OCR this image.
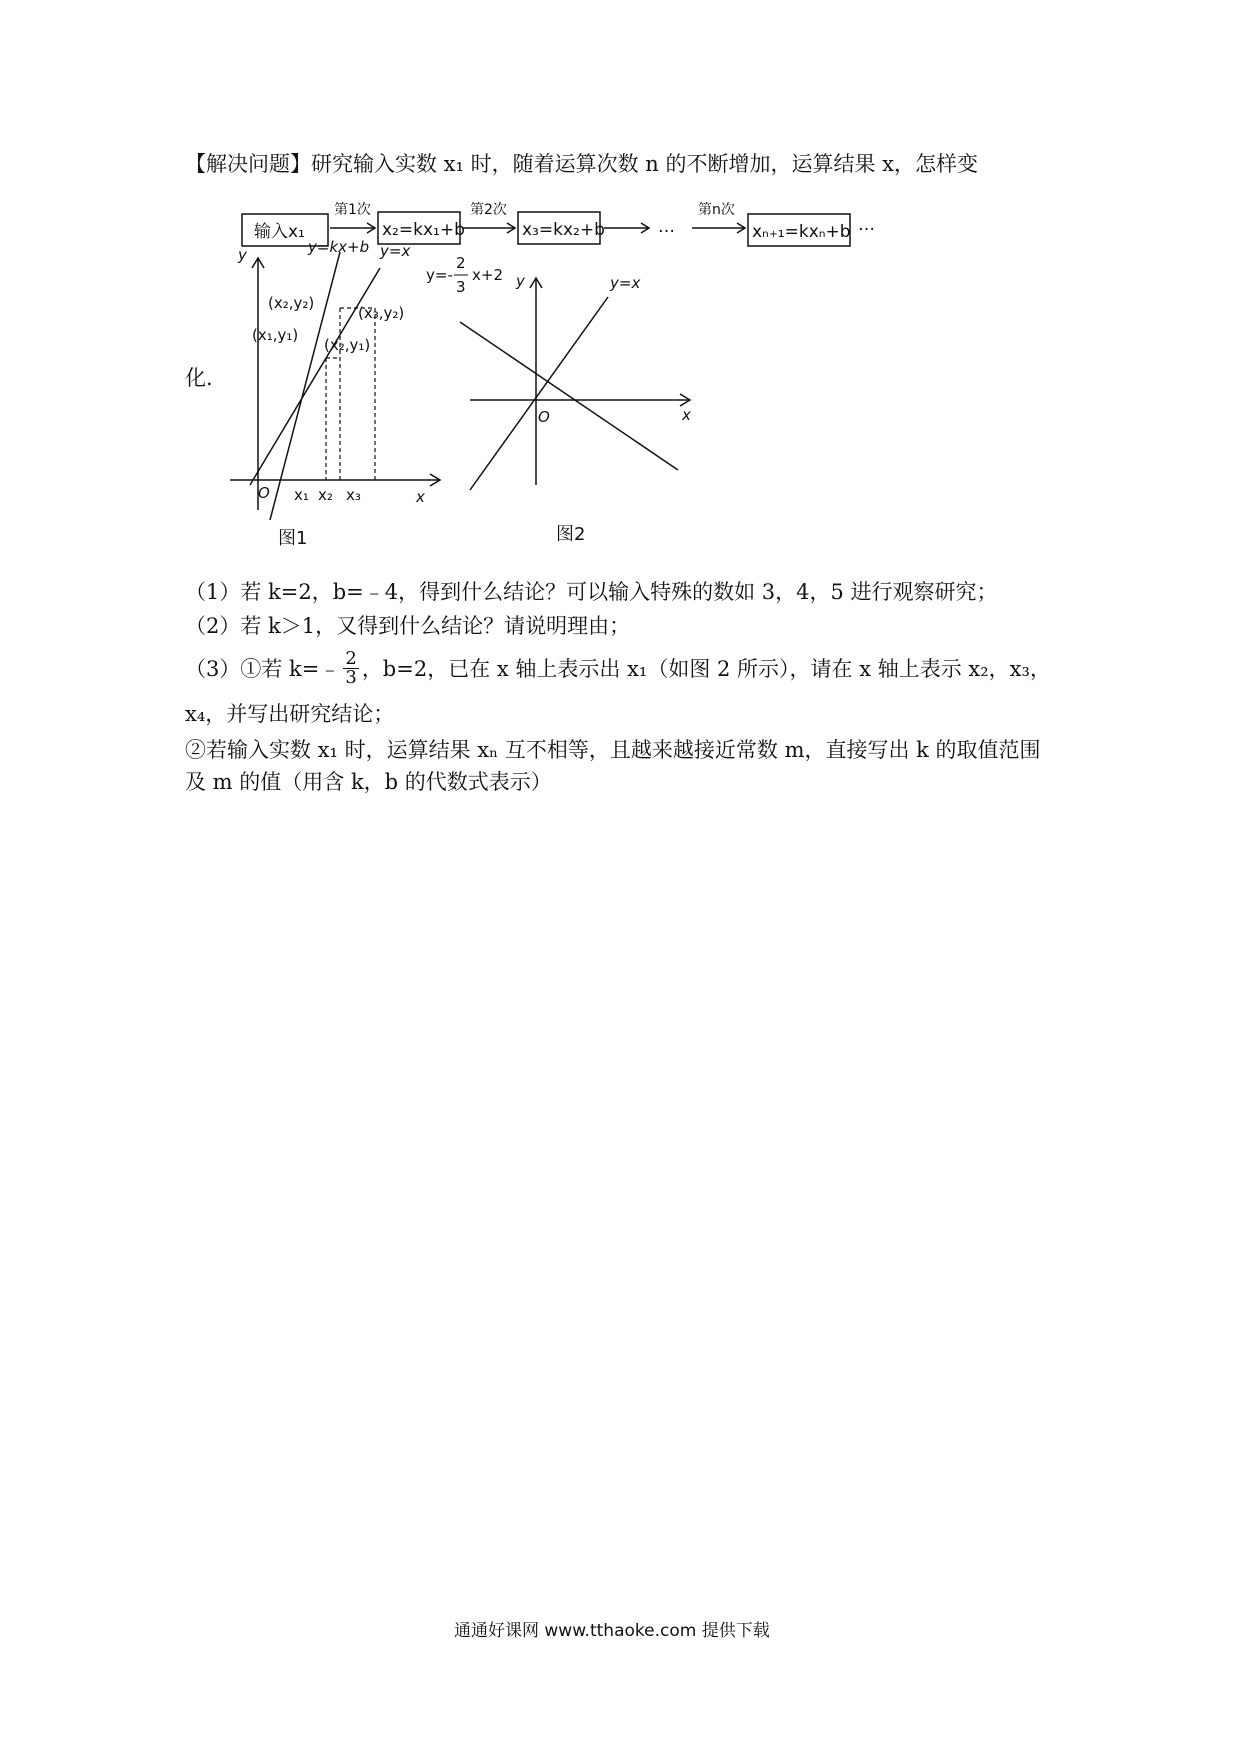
【解决问题】研究输入实数 x₁ 时，随着运算次数 n 的不断增加，运算结果 x，怎样变
化.
输入x₁
第1次
x₂=kx₁+b
第2次
x₃=kx₂+b	…
第n次
xₙ₊₁=kxₙ+b …
y=kx+b y=x
y
x
O
(x₂,y₂)
(x₁,y₁)
(x₃,y₂)
(x₂,y₁)
x₁ x₂ x₃
图1
y=-
2
3
x+2	y=x
y
x
O
图2
（1）若 k=2，b=﹣4，得到什么结论？可以输入特殊的数如 3，4，5 进行观察研究；
（2）若 k＞1，又得到什么结论？请说明理由；
（3）①若 k=﹣ $\frac{2}{3}$ ，b=2，已在 x 轴上表示出 x₁（如图 2 所示），请在 x 轴上表示 x₂，x₃，
x₄，并写出研究结论；
②若输入实数 x₁ 时，运算结果 xₙ 互不相等，且越来越接近常数 m，直接写出 k 的取值范围
及 m 的值（用含 k，b 的代数式表示）
通通好课网 www.tthaoke.com 提供下载
